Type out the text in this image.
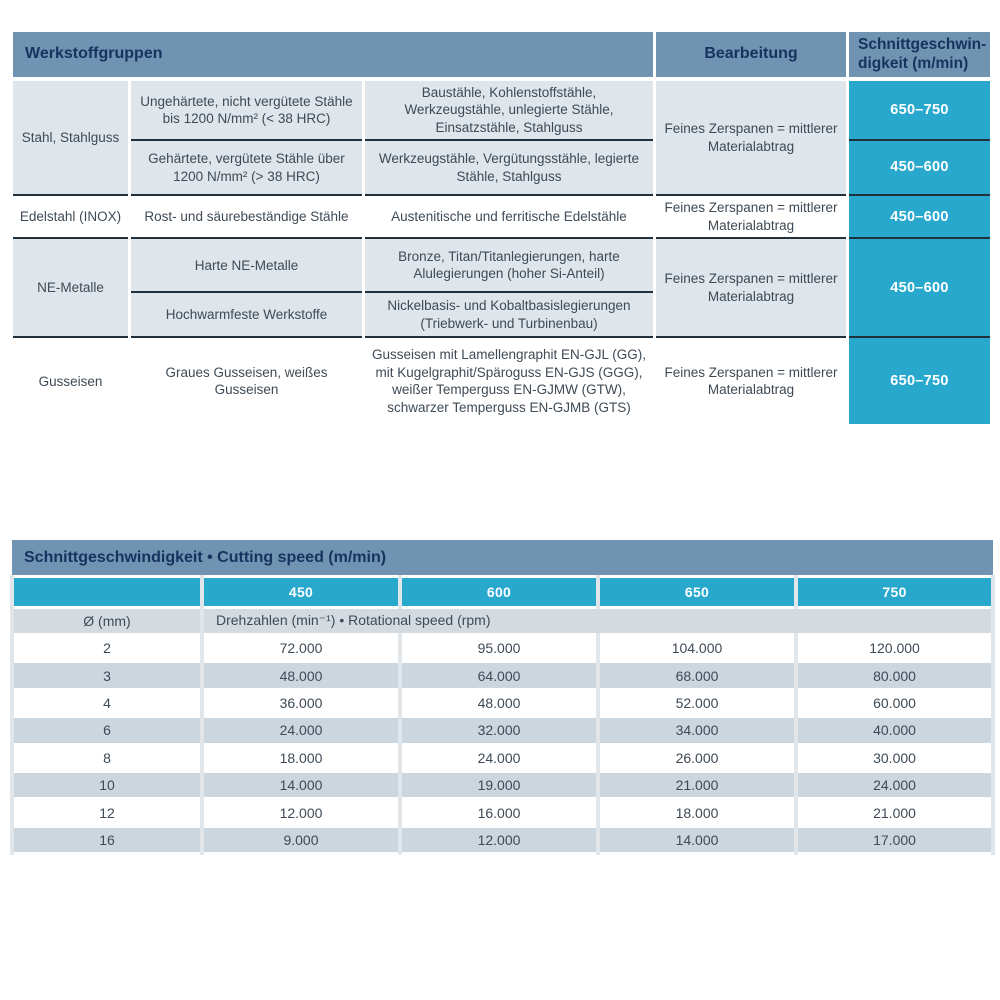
Werkstoffgruppen			Bearbeitung	Schnittgeschwin-digkeit (m/min)
Stahl, Stahlguss	Ungehärtete, nicht vergütete Stähle bis 1200 N/mm² (< 38 HRC)	Baustähle, Kohlenstoffstähle, Werkzeugstähle, unlegierte Stähle, Einsatzstähle, Stahlguss	Feines Zerspanen = mittlerer Materialabtrag	650–750
	Gehärtete, vergütete Stähle über 1200 N/mm² (> 38 HRC)	Werkzeugstähle, Vergütungsstähle, legierte Stähle, Stahlguss		450–600
Edelstahl (INOX)	Rost- und säurebeständige Stähle	Austenitische und ferritische Edelstähle	Feines Zerspanen = mittlerer Materialabtrag	450–600
NE-Metalle	Harte NE-Metalle	Bronze, Titan/Titanlegierungen, harte Alulegierungen (hoher Si-Anteil)	Feines Zerspanen = mittlerer Materialabtrag	450–600
	Hochwarmfeste Werkstoffe	Nickelbasis- und Kobaltbasislegierungen (Triebwerk- und Turbinenbau)		
Gusseisen	Graues Gusseisen, weißes Gusseisen	Gusseisen mit Lamellengraphit EN-GJL (GG), mit Kugelgraphit/Späroguss EN-GJS (GGG), weißer Temperguss EN-GJMW (GTW), schwarzer Temperguss EN-GJMB (GTS)	Feines Zerspanen = mittlerer Materialabtrag	650–750
Schnittgeschwindigkeit • Cutting speed (m/min)				
	450	600	650	750
Ø (mm)	Drehzahlen (min⁻¹) • Rotational speed (rpm)			
2	72.000	95.000	104.000	120.000
3	48.000	64.000	68.000	80.000
4	36.000	48.000	52.000	60.000
6	24.000	32.000	34.000	40.000
8	18.000	24.000	26.000	30.000
10	14.000	19.000	21.000	24.000
12	12.000	16.000	18.000	21.000
16	9.000	12.000	14.000	17.000
